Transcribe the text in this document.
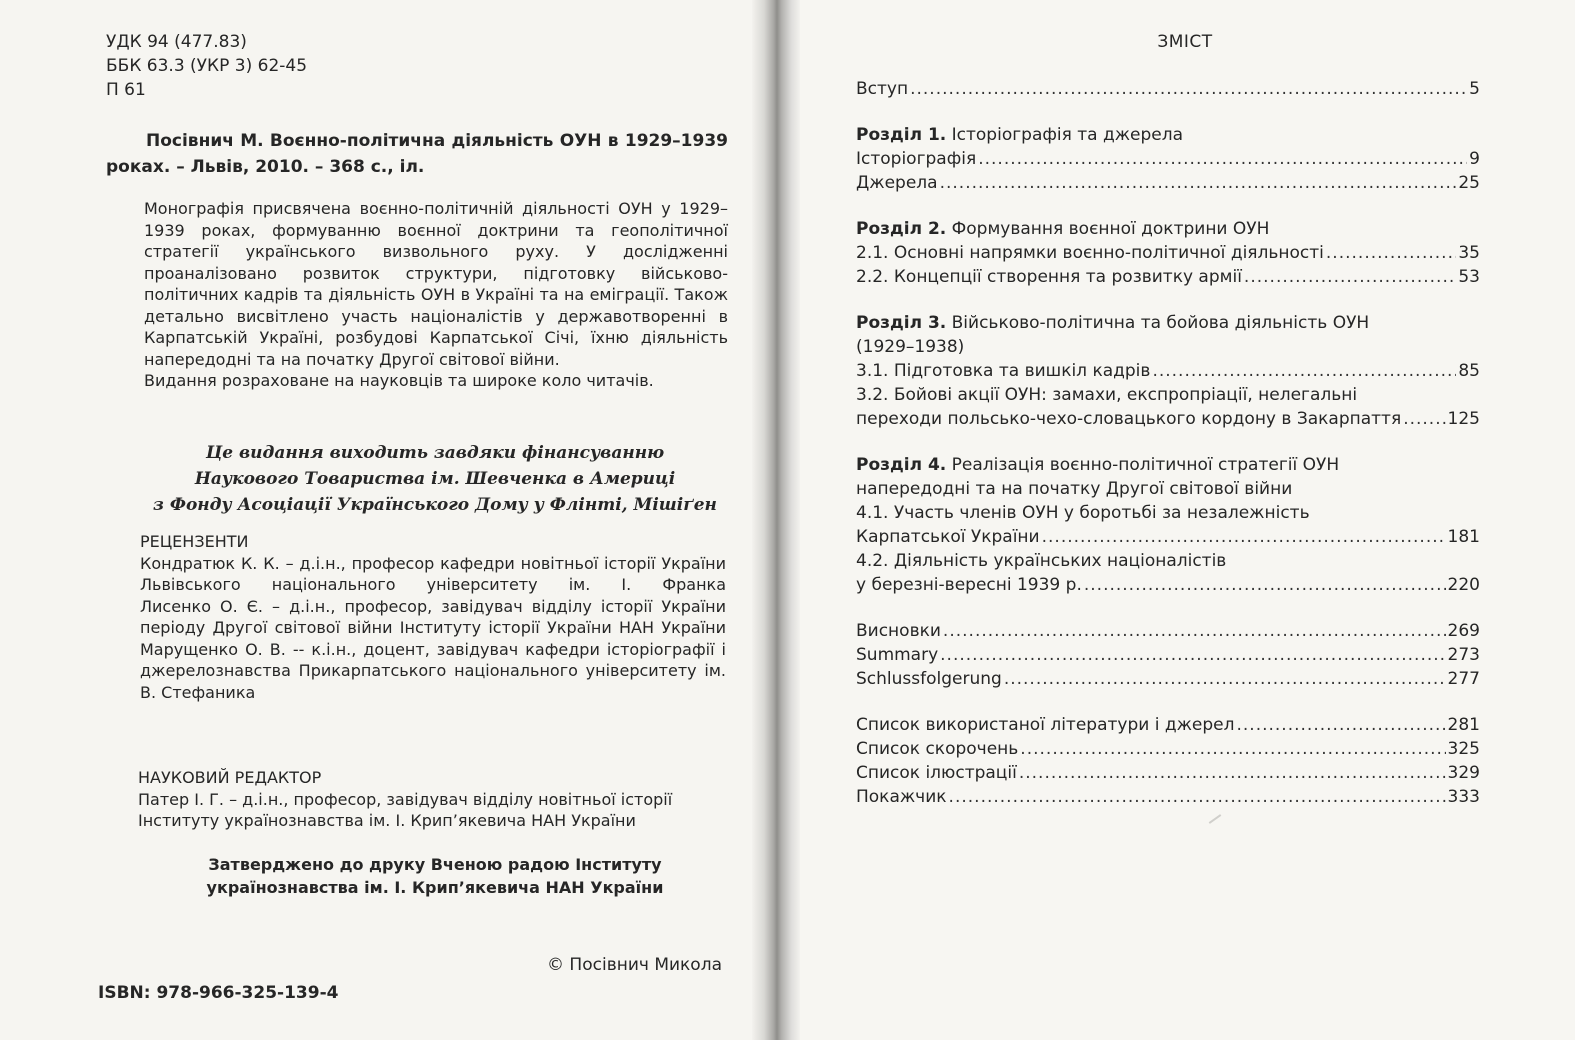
УДК 94 (477.83)
ББК 63.3 (УКР 3) 62-45
П 61
Посівнич М. Воєнно-політична діяльність ОУН в 1929–1939 роках. – Львів, 2010. – 368 с., іл.

Монографія присвячена воєнно-політичній діяльності ОУН у 1929–1939 роках, формуванню воєнної доктрини та геополітичної стратегії українського визвольного руху. У дослідженні проаналізовано розвиток структури, підготовку військово-політичних кадрів та діяльність ОУН в Україні та на еміграції. Також детально висвітлено участь націоналістів у державотворенні в Карпатській Україні, розбудові Карпатської Січі, їхню діяльність напередодні та на початку Другої світової війни.

Видання розраховане на науковців та широке коло читачів.

Це видання виходить завдяки фінансуванню
Наукового Товариства ім. Шевченка в Америці
з Фонду Асоціації Українського Дому у Флінті, Мішіґен
РЕЦЕНЗЕНТИ
Кондратюк К. К. – д.і.н., професор кафедри новітньої історії України Львівського національного університету ім. І. Франка
Лисенко О. Є. – д.і.н., професор, завідувач відділу історії України періоду Другої світової війни Інституту історії України НАН України
Марущенко О. В. -- к.і.н., доцент, завідувач кафедри історіографії і джерелознавства Прикарпатського національного університету ім. В. Стефаника
НАУКОВИЙ РЕДАКТОР
Патер І. Г. – д.і.н., професор, завідувач відділу новітньої історії Інституту українознавства ім. І. Крип’якевича НАН України
Затверджено до друку Вченою радою Інституту
українознавства ім. І. Крип’якевича НАН України
© Посівнич Микола
ISBN: 978-966-325-139-4
ЗМІСТ
Вступ .....	5
Розділ 1. Історіографія та джерела
Історіографія .....	9
Джерела .....	25
Розділ 2. Формування воєнної доктрини ОУН
2.1. Основні напрямки воєнно-політичної діяльності .....	35
2.2. Концепції створення та розвитку армії .....	53
Розділ 3. Військово-політична та бойова діяльність ОУН
(1929–1938)
3.1. Підготовка та вишкіл кадрів .....	85
3.2. Бойові акції ОУН: замахи, експропріації, нелегальні
переходи польсько-чехо-словацького кордону в Закарпаття .....	125
Розділ 4. Реалізація воєнно-політичної стратегії ОУН
напередодні та на початку Другої світової війни
4.1. Участь членів ОУН у боротьбі за незалежність
Карпатської України .....	181
4.2. Діяльність українських націоналістів
у березні-вересні 1939 р. .....	220
Висновки .....	269
Summary .....	273
Schlussfolgerung .....	277
Список використаної літератури і джерел .....	281
Список скорочень .....	325
Список ілюстрації .....	329
Покажчик .....	333
